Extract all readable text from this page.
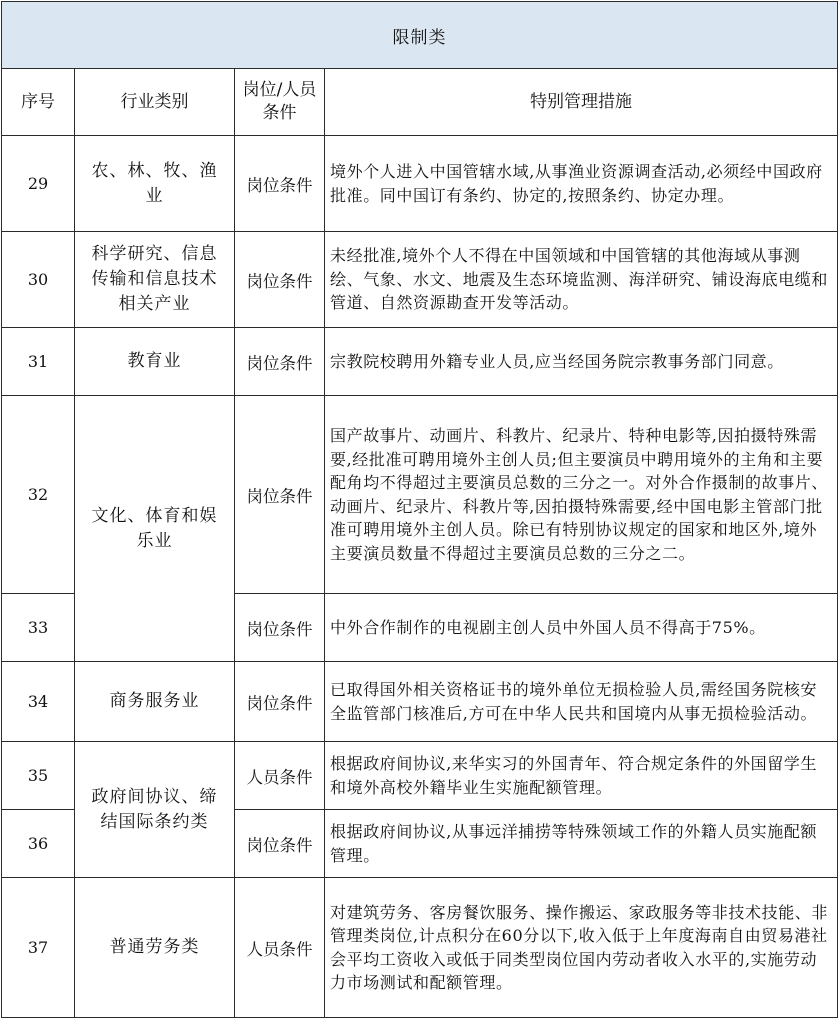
限制类			
序号	行业类别	岗位/人员条件	特别管理措施
29	农、林、牧、渔业	岗位条件	境外个人进入中国管辖水域,从事渔业资源调查活动,必须经中国政府批准。同中国订有条约、协定的,按照条约、协定办理。
30	科学研究、信息传输和信息技术相关产业	岗位条件	未经批准,境外个人不得在中国领域和中国管辖的其他海域从事测绘、气象、水文、地震及生态环境监测、海洋研究、铺设海底电缆和管道、自然资源勘查开发等活动。
31	教育业	岗位条件	宗教院校聘用外籍专业人员,应当经国务院宗教事务部门同意。
32	文化、体育和娱乐业	岗位条件	国产故事片、动画片、科教片、纪录片、特种电影等,因拍摄特殊需要,经批准可聘用境外主创人员;但主要演员中聘用境外的主角和主要配角均不得超过主要演员总数的三分之一。对外合作摄制的故事片、动画片、纪录片、科教片等,因拍摄特殊需要,经中国电影主管部门批准可聘用境外主创人员。除已有特别协议规定的国家和地区外,境外主要演员数量不得超过主要演员总数的三分之二。
33		岗位条件	中外合作制作的电视剧主创人员中外国人员不得高于75%。
34	商务服务业	岗位条件	已取得国外相关资格证书的境外单位无损检验人员,需经国务院核安全监管部门核准后,方可在中华人民共和国境内从事无损检验活动。
35	政府间协议、缔结国际条约类	人员条件	根据政府间协议,来华实习的外国青年、符合规定条件的外国留学生和境外高校外籍毕业生实施配额管理。
36		岗位条件	根据政府间协议,从事远洋捕捞等特殊领域工作的外籍人员实施配额管理。
37	普通劳务类	人员条件	对建筑劳务、客房餐饮服务、操作搬运、家政服务等非技术技能、非管理类岗位,计点积分在60分以下,收入低于上年度海南自由贸易港社会平均工资收入或低于同类型岗位国内劳动者收入水平的,实施劳动力市场测试和配额管理。
